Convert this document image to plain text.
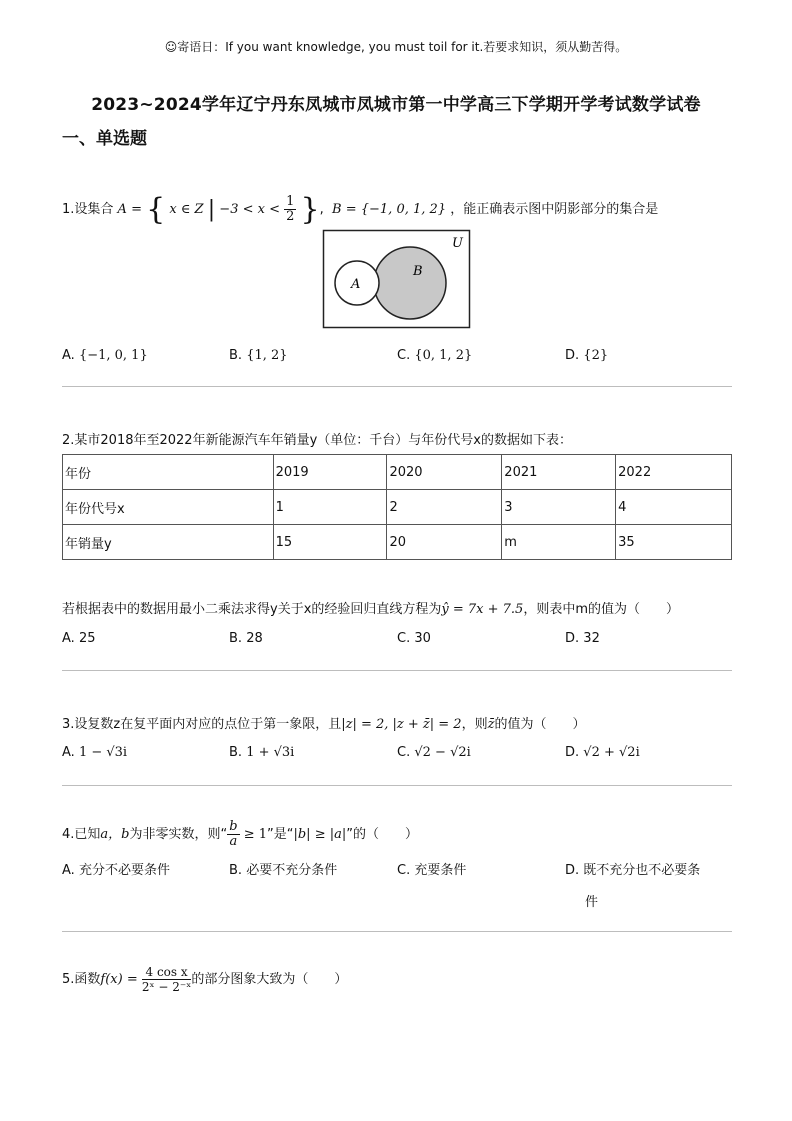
☺寄语日：If you want knowledge, you must toil for it.若要求知识，须从勤苦得。
2023~2024学年辽宁丹东凤城市凤城市第一中学高三下学期开学考试数学试卷
一、单选题
1.设集合 A = { x ∈ Z | $-3 < x < \frac{1}{2}$ },  B = {−1, 0, 1, 2} ，能正确表示图中阴影部分的集合是
U
A
B
A. {−1, 0, 1}	B. {1, 2}	C. {0, 1, 2}	D. {2}
2.某市2018年至2022年新能源汽车年销量y（单位：千台）与年份代号x的数据如下表：
年份	2019	2020	2021	2022
年份代号x	1	2	3	4
年销量y	15	20	m	35
若根据表中的数据用最小二乘法求得y关于x的经验回归直线方程为ŷ = 7x + 7.5，则表中m的值为（　　）
A. 25	B. 28	C. 30	D. 32
3.设复数z在复平面内对应的点位于第一象限，且|z| = 2, |z + z̄| = 2，则z̄的值为（　　）
A. 1 − √3i	B. 1 + √3i	C. √2 − √2i	D. √2 + √2i
4.已知a，b为非零实数，则“ $\frac{b}{a} \ge 1$”是“|b| ≥ |a|”的（　　）
A. 充分不必要条件	B. 必要不充分条件	C. 充要条件	D. 既不充分也不必要条
件
5.函数$f(x) = \frac{\text{4 cos x}}{\text{2ˣ − 2⁻ˣ}}$ 的部分图象大致为（　　）
